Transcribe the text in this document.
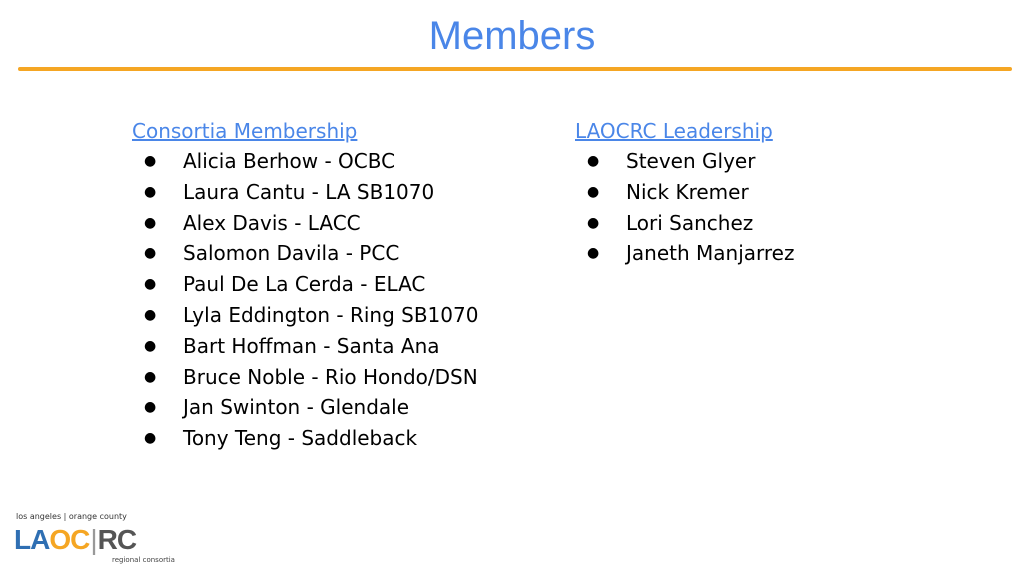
Members
Consortia Membership
● Alicia Berhow - OCBC
● Laura Cantu - LA SB1070
● Alex Davis - LACC
● Salomon Davila - PCC
● Paul De La Cerda - ELAC
● Lyla Eddington - Ring SB1070
● Bart Hoffman - Santa Ana
● Bruce Noble - Rio Hondo/DSN
● Jan Swinton - Glendale
● Tony Teng - Saddleback
LAOCRC Leadership
● Steven Glyer
● Nick Kremer
● Lori Sanchez
● Janeth Manjarrez
los angeles | orange county
LAOC|RC
regional consortia
